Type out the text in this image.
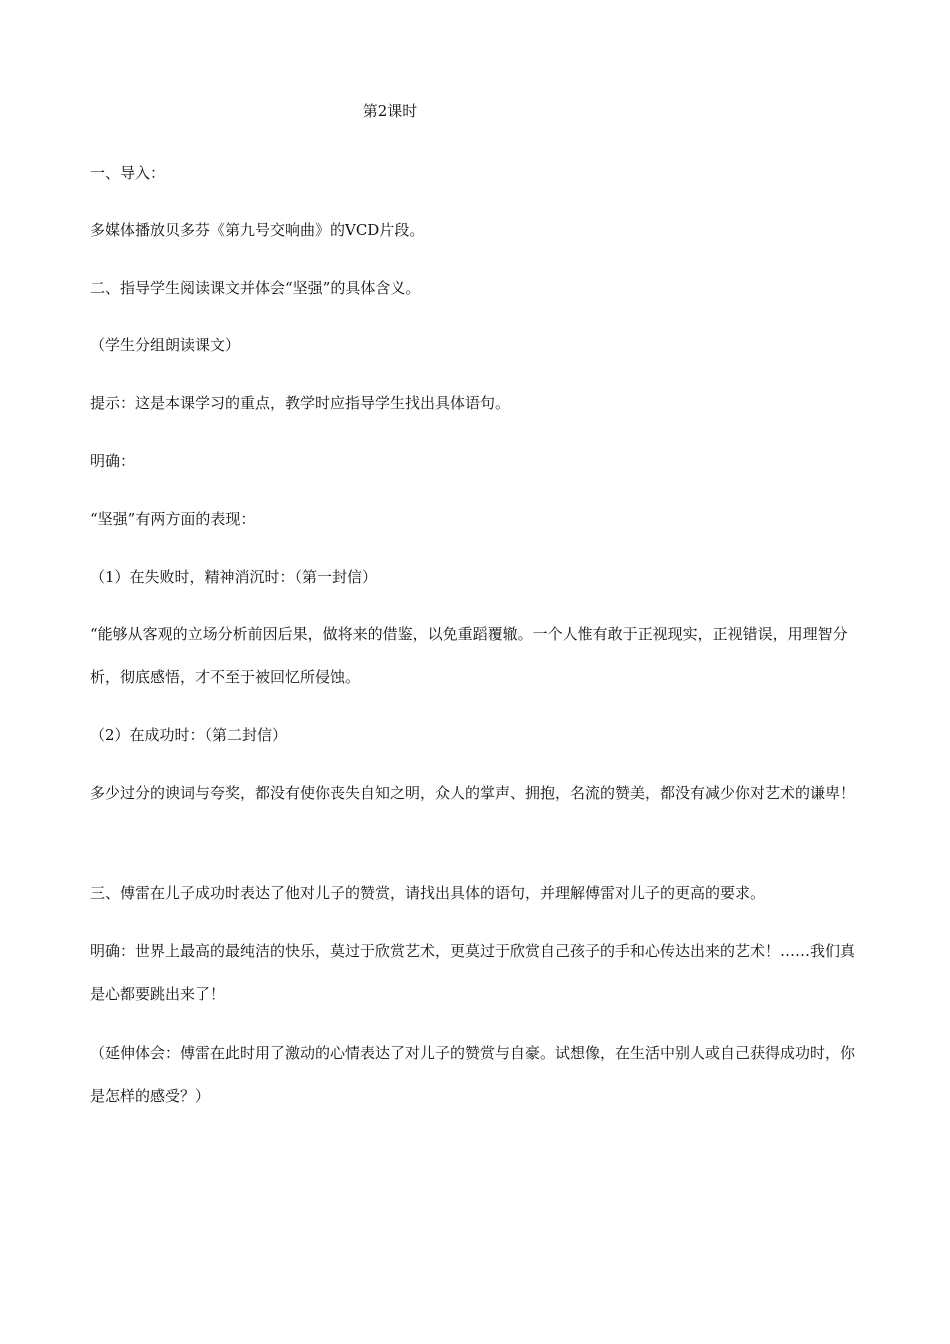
第2课时
一、导入：
多媒体播放贝多芬《第九号交响曲》的VCD片段。
二、指导学生阅读课文并体会“坚强”的具体含义。
（学生分组朗读课文）
提示：这是本课学习的重点，教学时应指导学生找出具体语句。
明确：
“坚强”有两方面的表现：
（1）在失败时，精神消沉时：（第一封信）
“能够从客观的立场分析前因后果，做将来的借鉴，以免重蹈覆辙。一个人惟有敢于正视现实，正视错误，用理智分析，彻底感悟，才不至于被回忆所侵蚀。
（2）在成功时：（第二封信）
多少过分的谀词与夸奖，都没有使你丧失自知之明，众人的掌声、拥抱，名流的赞美，都没有减少你对艺术的谦卑！
三、傅雷在儿子成功时表达了他对儿子的赞赏，请找出具体的语句，并理解傅雷对儿子的更高的要求。
明确：世界上最高的最纯洁的快乐，莫过于欣赏艺术，更莫过于欣赏自己孩子的手和心传达出来的艺术！……我们真是心都要跳出来了！
（延伸体会：傅雷在此时用了激动的心情表达了对儿子的赞赏与自豪。试想像，在生活中别人或自己获得成功时，你是怎样的感受？）
